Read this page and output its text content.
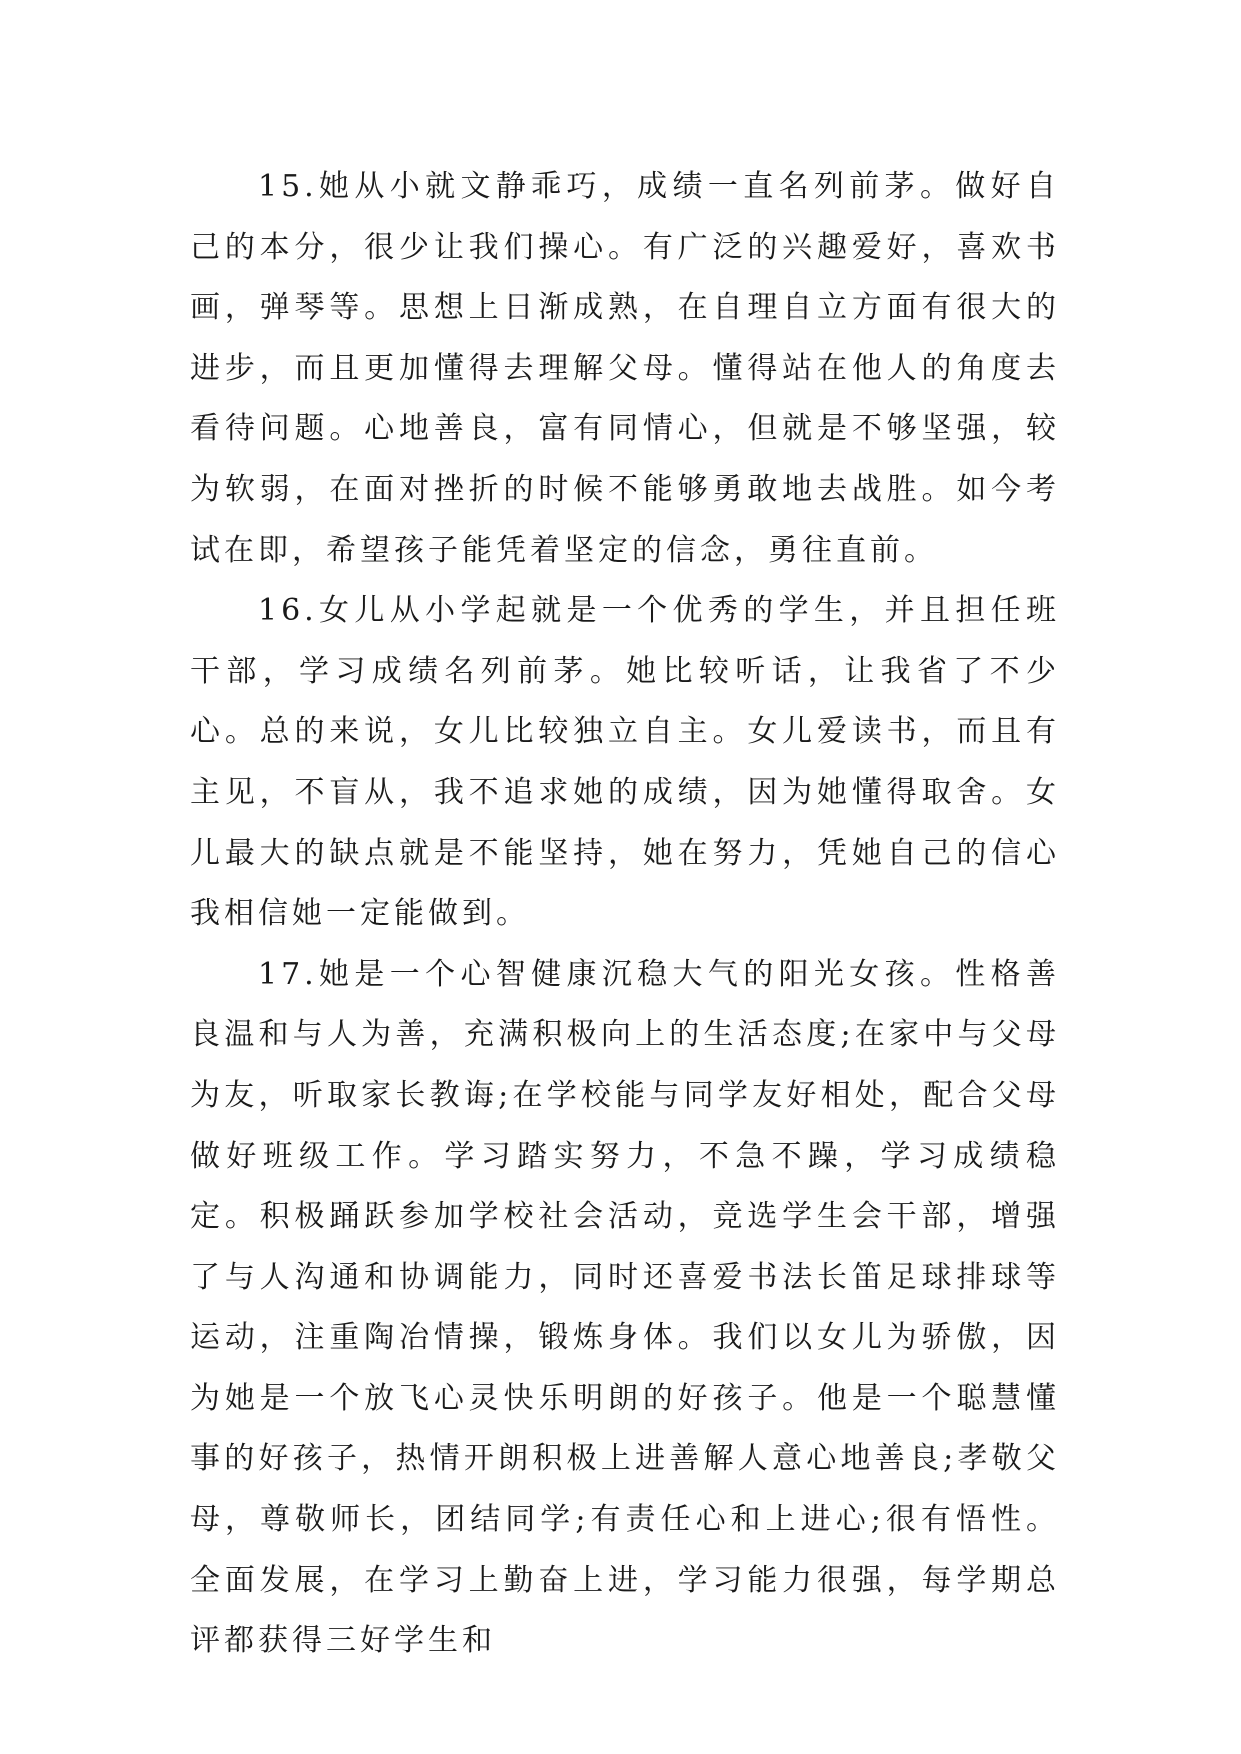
15.她从小就文静乖巧，成绩一直名列前茅。做好自己的本分，很少让我们操心。有广泛的兴趣爱好，喜欢书画，弹琴等。思想上日渐成熟，在自理自立方面有很大的进步，而且更加懂得去理解父母。懂得站在他人的角度去看待问题。心地善良，富有同情心，但就是不够坚强，较为软弱，在面对挫折的时候不能够勇敢地去战胜。如今考试在即，希望孩子能凭着坚定的信念，勇往直前。

16.女儿从小学起就是一个优秀的学生，并且担任班干部，学习成绩名列前茅。她比较听话，让我省了不少心。总的来说，女儿比较独立自主。女儿爱读书，而且有主见，不盲从，我不追求她的成绩，因为她懂得取舍。女儿最大的缺点就是不能坚持，她在努力，凭她自己的信心我相信她一定能做到。

17.她是一个心智健康沉稳大气的阳光女孩。性格善良温和与人为善，充满积极向上的生活态度;在家中与父母为友，听取家长教诲;在学校能与同学友好相处，配合父母做好班级工作。学习踏实努力，不急不躁，学习成绩稳定。积极踊跃参加学校社会活动，竞选学生会干部，增强了与人沟通和协调能力，同时还喜爱书法长笛足球排球等运动，注重陶冶情操，锻炼身体。我们以女儿为骄傲，因为她是一个放飞心灵快乐明朗的好孩子。他是一个聪慧懂事的好孩子，热情开朗积极上进善解人意心地善良;孝敬父母，尊敬师长，团结同学;有责任心和上进心;很有悟性。全面发展，在学习上勤奋上进，学习能力很强，每学期总评都获得三好学生和
